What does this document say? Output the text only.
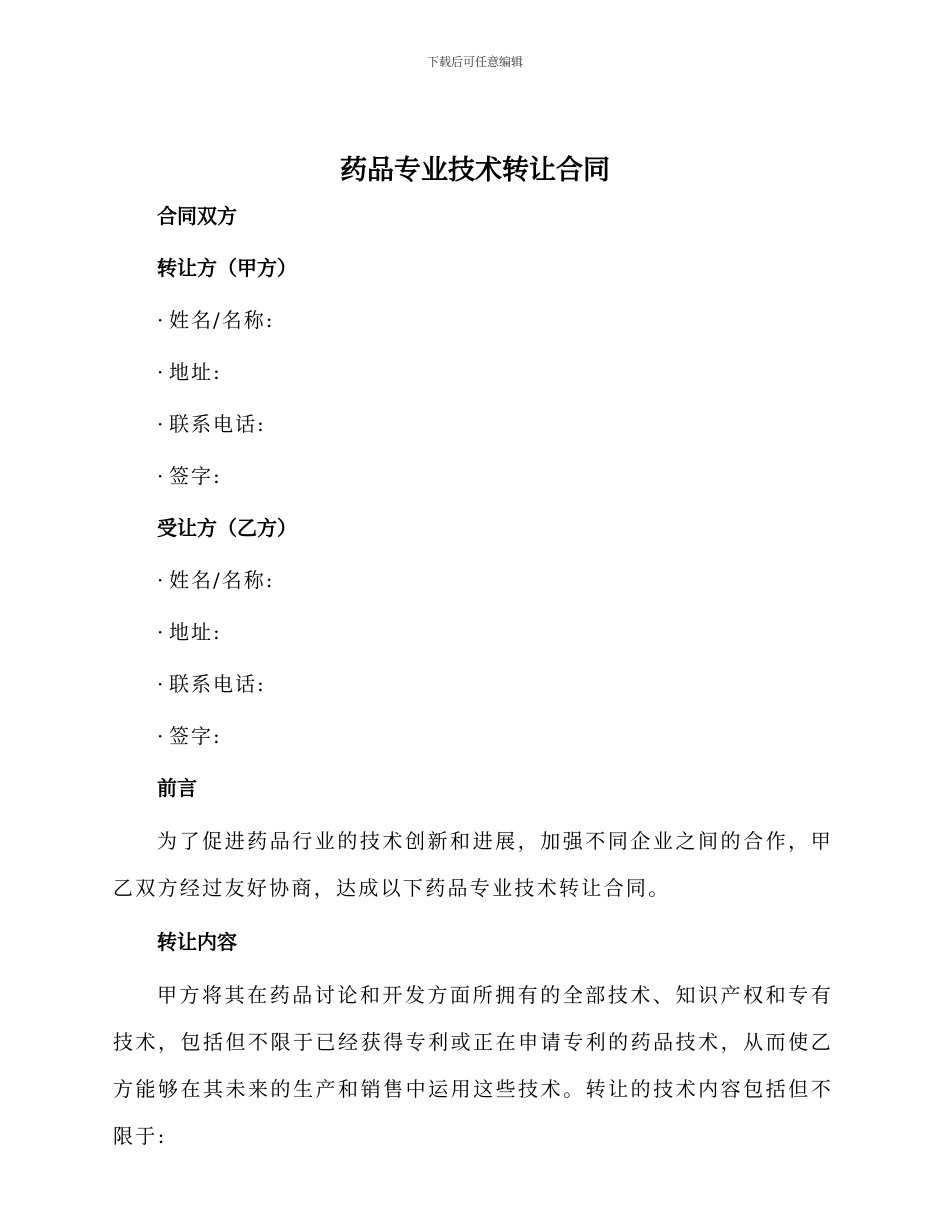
下载后可任意编辑
药品专业技术转让合同
合同双方
转让方（甲方）
· 姓名/名称:
· 地址:
· 联系电话:
· 签字:
受让方（乙方）
· 姓名/名称:
· 地址:
· 联系电话:
· 签字:
前言

为了促进药品行业的技术创新和进展，加强不同企业之间的合作，甲乙双方经过友好协商，达成以下药品专业技术转让合同。

转让内容

甲方将其在药品讨论和开发方面所拥有的全部技术、知识产权和专有技术，包括但不限于已经获得专利或正在申请专利的药品技术，从而使乙方能够在其未来的生产和销售中运用这些技术。转让的技术内容包括但不限于:
